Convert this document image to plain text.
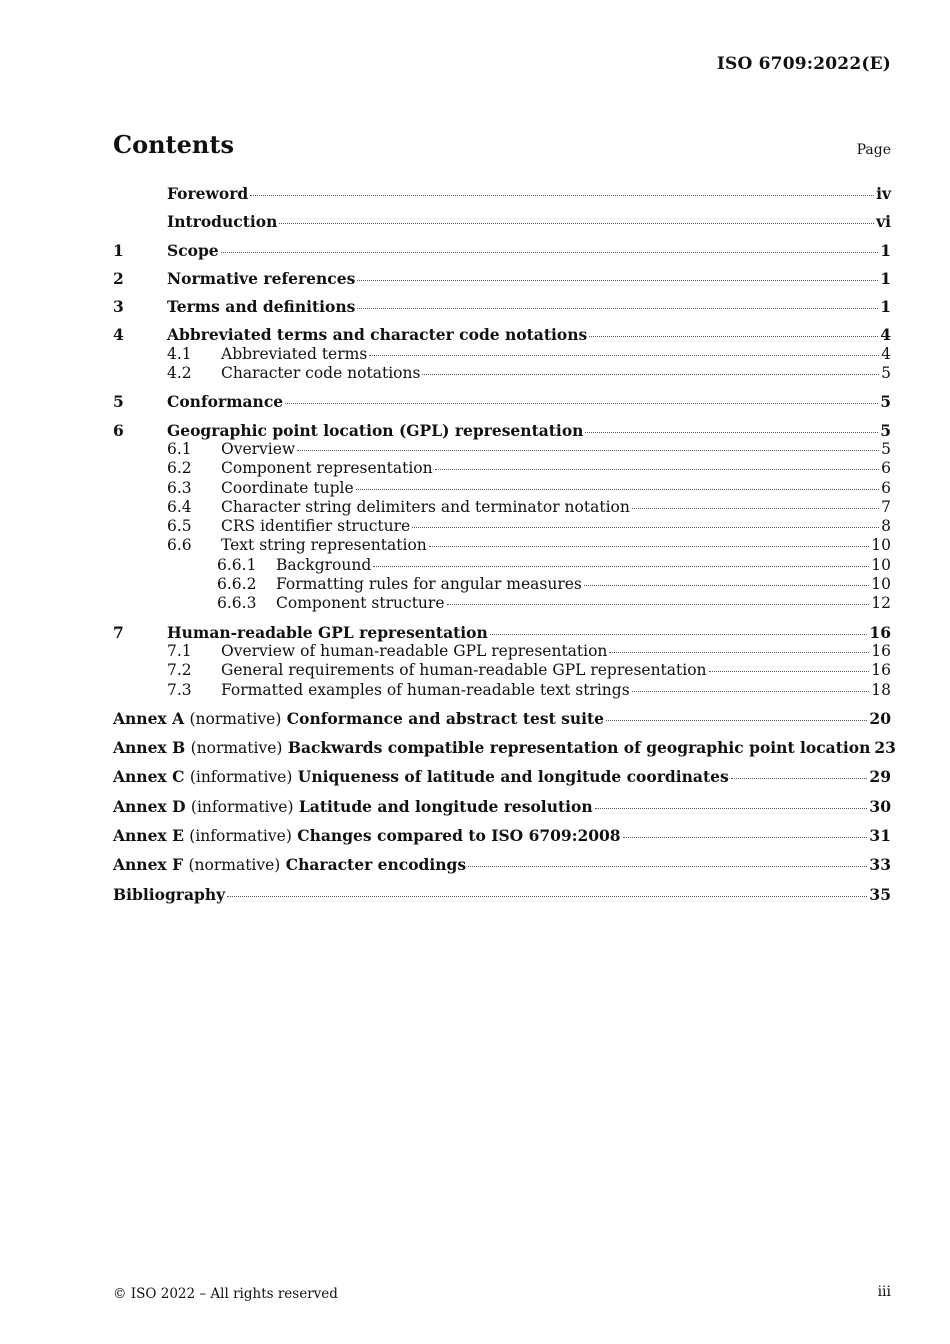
ISO 6709:2022(E)
Contents	Page
Foreword	iv
Introduction	vi
1	Scope	1
2	Normative references	1
3	Terms and definitions	1
4	Abbreviated terms and character code notations	4
4.1	Abbreviated terms	4
4.2	Character code notations	5
5	Conformance	5
6	Geographic point location (GPL) representation	5
6.1	Overview	5
6.2	Component representation	6
6.3	Coordinate tuple	6
6.4	Character string delimiters and terminator notation	7
6.5	CRS identifier structure	8
6.6	Text string representation	10
6.6.1	Background	10
6.6.2	Formatting rules for angular measures	10
6.6.3	Component structure	12
7	Human-readable GPL representation	16
7.1	Overview of human-readable GPL representation	16
7.2	General requirements of human-readable GPL representation	16
7.3	Formatted examples of human-readable text strings	18
Annex A (normative) Conformance and abstract test suite	20
Annex B (normative) Backwards compatible representation of geographic point location 23
Annex C (informative) Uniqueness of latitude and longitude coordinates	29
Annex D (informative) Latitude and longitude resolution	30
Annex E (informative) Changes compared to ISO 6709:2008	31
Annex F (normative) Character encodings	33
Bibliography	35
© ISO 2022 – All rights reserved	iii
